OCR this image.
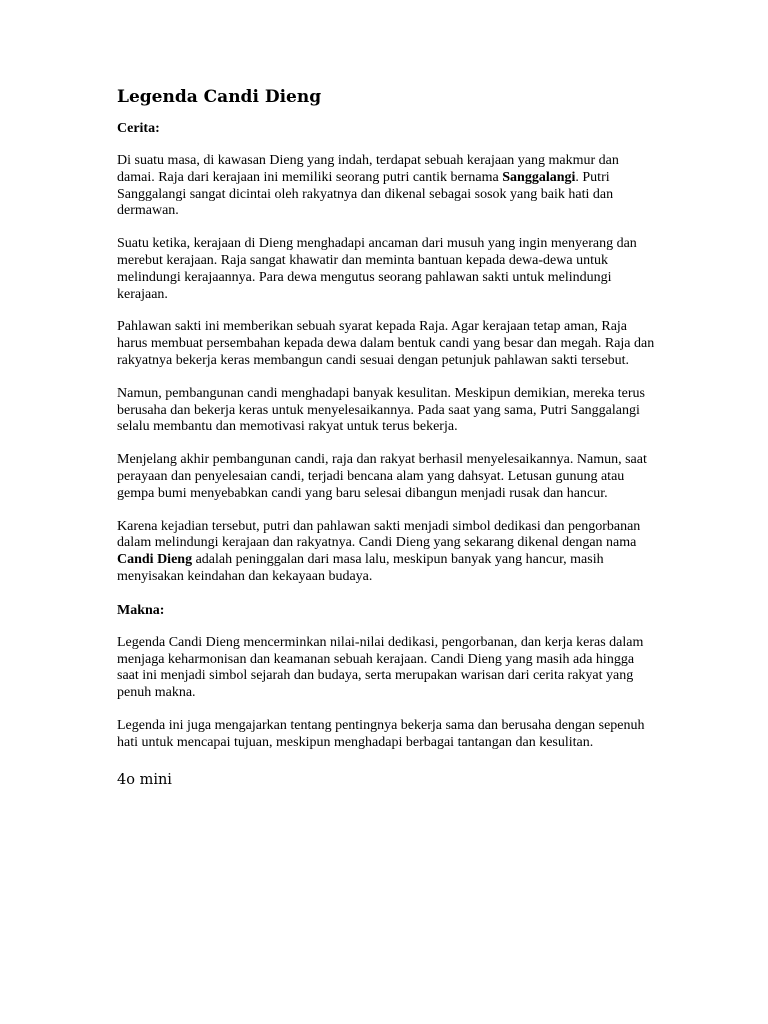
Legenda Candi Dieng

Cerita:

Di suatu masa, di kawasan Dieng yang indah, terdapat sebuah kerajaan yang makmur dan damai. Raja dari kerajaan ini memiliki seorang putri cantik bernama Sanggalangi. Putri Sanggalangi sangat dicintai oleh rakyatnya dan dikenal sebagai sosok yang baik hati dan dermawan.

Suatu ketika, kerajaan di Dieng menghadapi ancaman dari musuh yang ingin menyerang dan merebut kerajaan. Raja sangat khawatir dan meminta bantuan kepada dewa-dewa untuk melindungi kerajaannya. Para dewa mengutus seorang pahlawan sakti untuk melindungi kerajaan.

Pahlawan sakti ini memberikan sebuah syarat kepada Raja. Agar kerajaan tetap aman, Raja harus membuat persembahan kepada dewa dalam bentuk candi yang besar dan megah. Raja dan rakyatnya bekerja keras membangun candi sesuai dengan petunjuk pahlawan sakti tersebut.

Namun, pembangunan candi menghadapi banyak kesulitan. Meskipun demikian, mereka terus berusaha dan bekerja keras untuk menyelesaikannya. Pada saat yang sama, Putri Sanggalangi selalu membantu dan memotivasi rakyat untuk terus bekerja.

Menjelang akhir pembangunan candi, raja dan rakyat berhasil menyelesaikannya. Namun, saat perayaan dan penyelesaian candi, terjadi bencana alam yang dahsyat. Letusan gunung atau gempa bumi menyebabkan candi yang baru selesai dibangun menjadi rusak dan hancur.

Karena kejadian tersebut, putri dan pahlawan sakti menjadi simbol dedikasi dan pengorbanan dalam melindungi kerajaan dan rakyatnya. Candi Dieng yang sekarang dikenal dengan nama Candi Dieng adalah peninggalan dari masa lalu, meskipun banyak yang hancur, masih menyisakan keindahan dan kekayaan budaya.

Makna:

Legenda Candi Dieng mencerminkan nilai-nilai dedikasi, pengorbanan, dan kerja keras dalam menjaga keharmonisan dan keamanan sebuah kerajaan. Candi Dieng yang masih ada hingga saat ini menjadi simbol sejarah dan budaya, serta merupakan warisan dari cerita rakyat yang penuh makna.

Legenda ini juga mengajarkan tentang pentingnya bekerja sama dan berusaha dengan sepenuh hati untuk mencapai tujuan, meskipun menghadapi berbagai tantangan dan kesulitan.

4o mini
